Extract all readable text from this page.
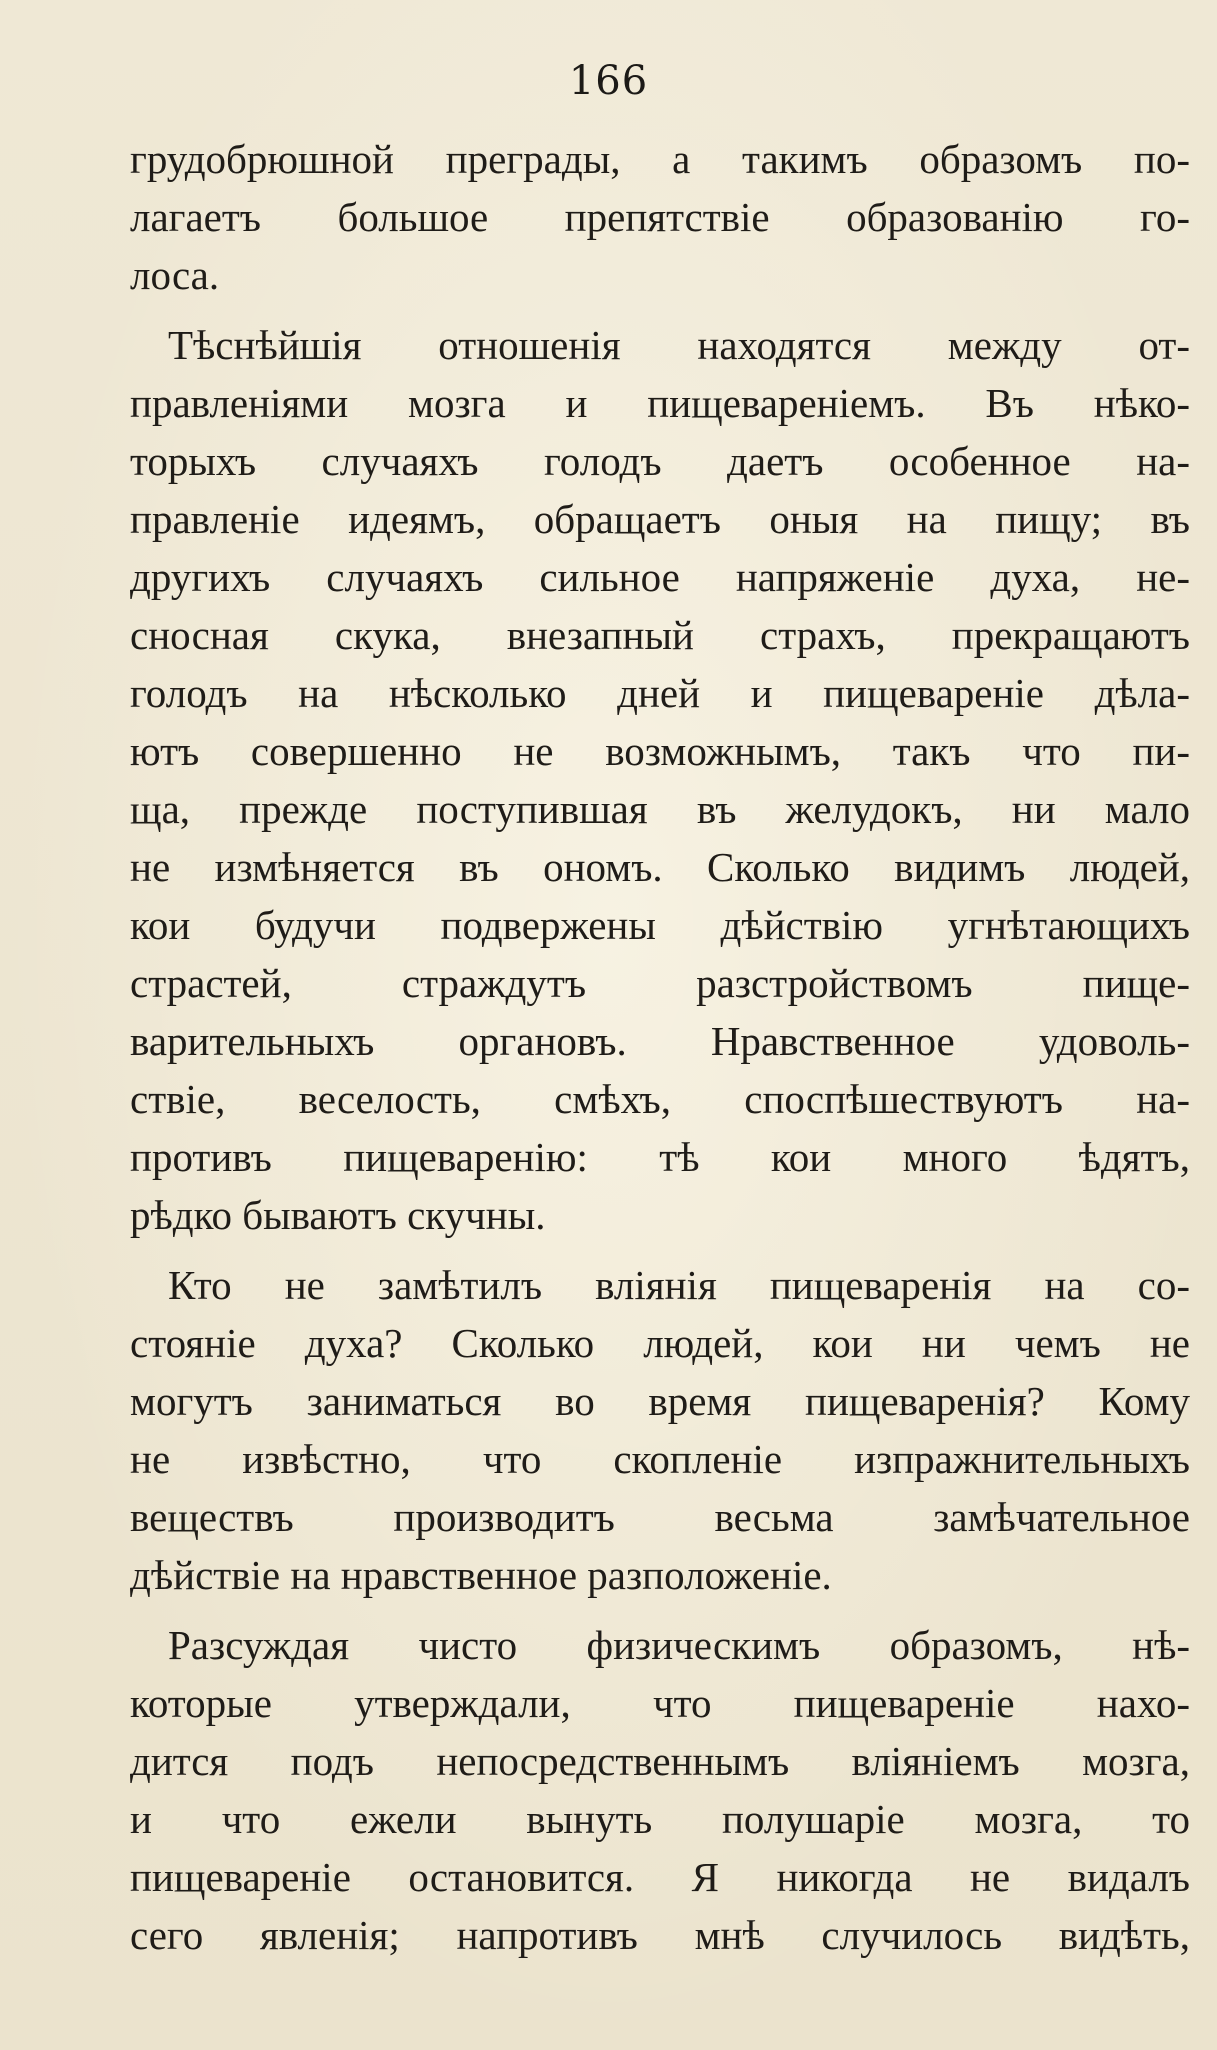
166
грудобрюшной преграды, а такимъ образомъ по-
лагаетъ большое препятствіе образованію го-
лоса.
Тѣснѣйшія отношенія находятся между от-
правленіями мозга и пищевареніемъ. Въ нѣко-
торыхъ случаяхъ голодъ даетъ особенное на-
правленіе идеямъ, обращаетъ оныя на пищу; въ
другихъ случаяхъ сильное напряженіе духа, не-
сносная скука, внезапный страхъ, прекращаютъ
голодъ на нѣсколько дней и пищевареніе дѣла-
ютъ совершенно не возможнымъ, такъ что пи-
ща, прежде поступившая въ желудокъ, ни мало
не измѣняется въ ономъ. Сколько видимъ людей,
кои будучи подвержены дѣйствію угнѣтающихъ
страстей, страждутъ разстройствомъ пище-
варительныхъ органовъ. Нравственное удоволь-
ствіе, веселость, смѣхъ, споспѣшествуютъ на-
противъ пищеваренію: тѣ кои много ѣдятъ,
рѣдко бываютъ скучны.
Кто не замѣтилъ вліянія пищеваренія на со-
стояніе духа? Сколько людей, кои ни чемъ не
могутъ заниматься во время пищеваренія? Кому
не извѣстно, что скопленіе изпражнительныхъ
веществъ производитъ весьма замѣчательное
дѣйствіе на нравственное разположеніе.
Разсуждая чисто физическимъ образомъ, нѣ-
которые утверждали, что пищевареніе нахо-
дится подъ непосредственнымъ вліяніемъ мозга,
и что ежели вынуть полушаріе мозга, то
пищевареніе остановится. Я никогда не видалъ
сего явленія; напротивъ мнѣ случилось видѣть,
